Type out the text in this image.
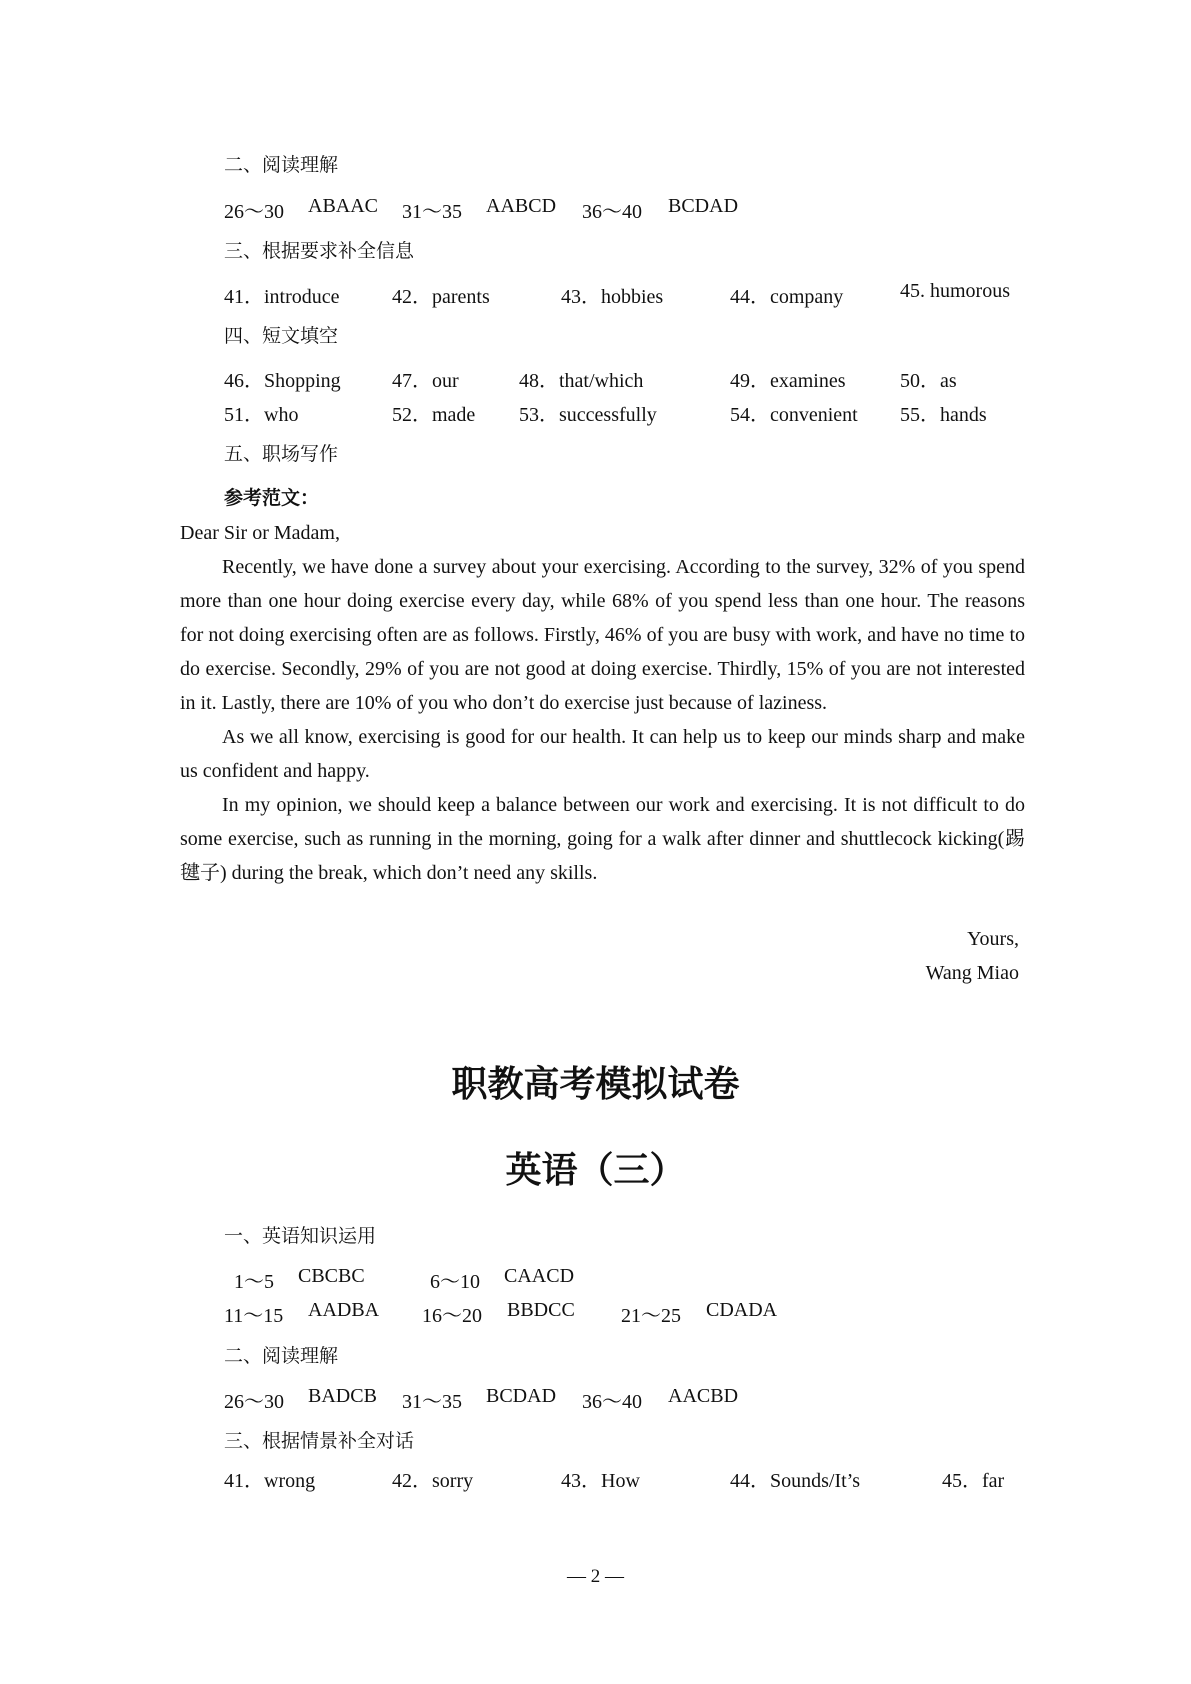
二、阅读理解
26～30 ABAAC 31～35 AABCD 36～40 BCDAD
三、根据要求补全信息
41．introduce	42．parents	43．hobbies	44．company	45. humorous
四、短文填空
46．Shopping	47．our	48．that/which	49．examines	50．as
51．who	52．made 53．successfully	54．convenient 55．hands
五、职场写作
参考范文：

Dear Sir or Madam,

Recently, we have done a survey about your exercising. According to the survey, 32% of you spend more than one hour doing exercise every day, while 68% of you spend less than one hour. The reasons for not doing exercising often are as follows. Firstly, 46% of you are busy with work, and have no time to do exercise. Secondly, 29% of you are not good at doing exercise. Thirdly, 15% of you are not interested in it. Lastly, there are 10% of you who don’t do exercise just because of laziness.

As we all know, exercising is good for our health. It can help us to keep our minds sharp and make us confident and happy.

In my opinion, we should keep a balance between our work and exercising. It is not difficult to do some exercise, such as running in the morning, going for a walk after dinner and shuttlecock kicking(踢毽子) during the break, which don’t need any skills.

Yours,
Wang Miao
职教高考模拟试卷
英语（三）
一、英语知识运用
1～5 CBCBC	6～10 CAACD
11～15 AADBA 16～20 BBDCC 21～25 CDADA
二、阅读理解
26～30 BADCB 31～35 BCDAD 36～40 AACBD
三、根据情景补全对话
41．wrong	42．sorry	43．How	44．Sounds/It’s	45．far
— 2 —
